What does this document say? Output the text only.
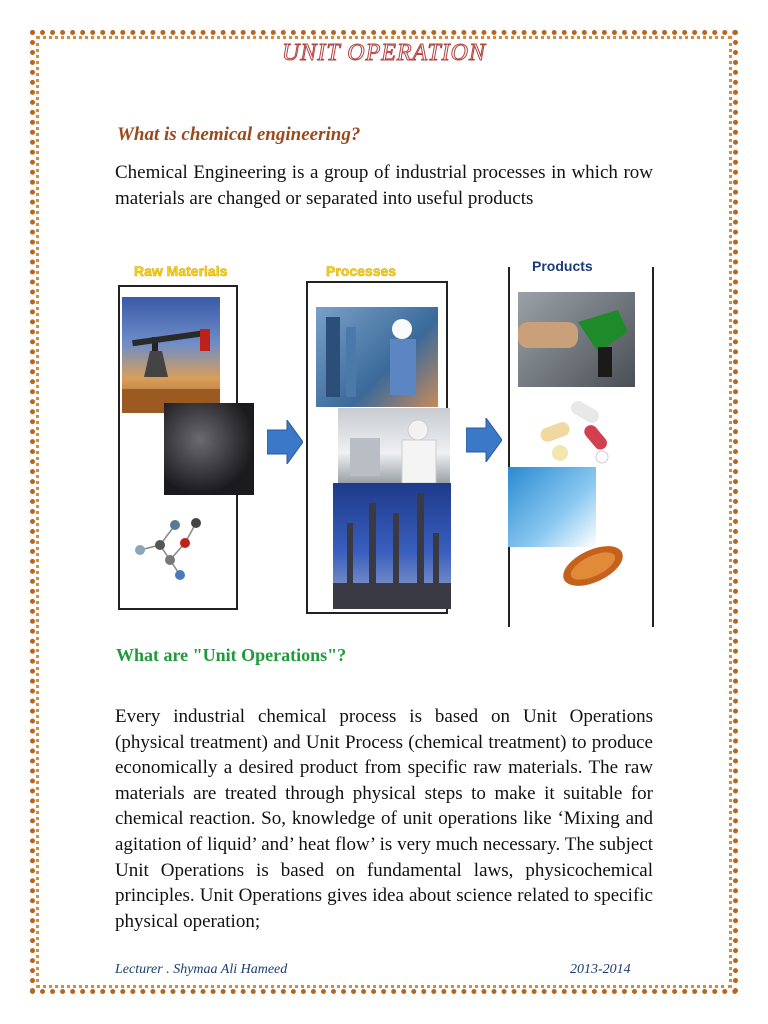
UNIT OPERATION
What is chemical engineering?
Chemical Engineering is a group of industrial processes in which row materials are changed or separated into useful products
Raw Materials	Processes	Products
What are "Unit Operations"?
Every industrial chemical process is based on Unit Operations (physical treatment) and Unit Process (chemical treatment) to produce economically a desired product from specific raw materials. The raw materials are treated through physical steps to make it suitable for chemical reaction. So, knowledge of unit operations like ‘Mixing and agitation of liquid’ and’ heat flow’ is very much necessary. The subject Unit Operations is based on fundamental laws, physicochemical principles. Unit Operations gives idea about science related to specific physical operation;
Lecturer . Shymaa Ali Hameed	2013-2014
